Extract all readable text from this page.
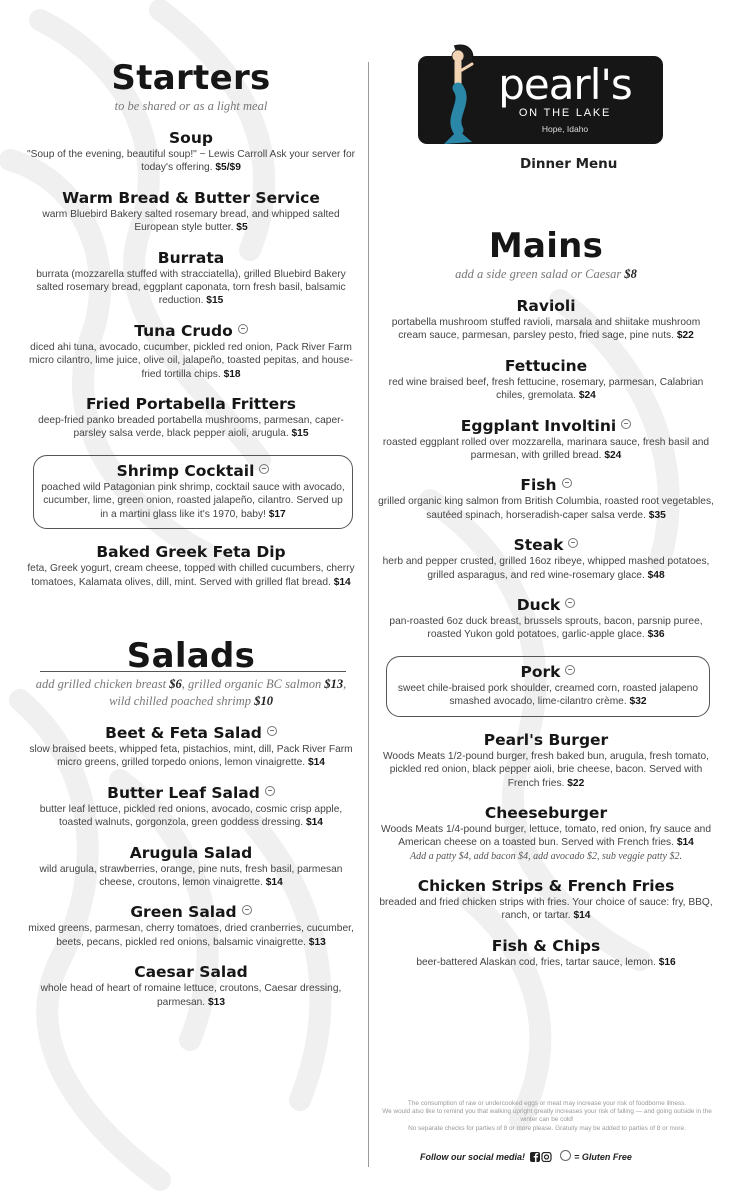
pearl's
ON THE LAKE
Hope, Idaho
Dinner Menu
Starters
to be shared or as a light meal
Soup
"Soup of the evening, beautiful soup!" ~ Lewis Carroll Ask your server for today's offering. $5/$9
Warm Bread & Butter Service
warm Bluebird Bakery salted rosemary bread, and whipped salted European style butter. $5
Burrata
burrata (mozzarella stuffed with stracciatella), grilled Bluebird Bakery salted rosemary bread, eggplant caponata, torn fresh basil, balsamic reduction. $15
Tuna Crudo
diced ahi tuna, avocado, cucumber, pickled red onion, Pack River Farm micro cilantro, lime juice, olive oil, jalapeño, toasted pepitas, and house-fried tortilla chips. $18
Fried Portabella Fritters
deep-fried panko breaded portabella mushrooms, parmesan, caper-parsley salsa verde, black pepper aioli, arugula. $15
Shrimp Cocktail
poached wild Patagonian pink shrimp, cocktail sauce with avocado, cucumber, lime, green onion, roasted jalapeño, cilantro. Served up in a martini glass like it's 1970, baby! $17
Baked Greek Feta Dip
feta, Greek yogurt, cream cheese, topped with chilled cucumbers, cherry tomatoes, Kalamata olives, dill, mint. Served with grilled flat bread. $14
Salads
add grilled chicken breast $6, grilled organic BC salmon $13, wild chilled poached shrimp $10
Beet & Feta Salad
slow braised beets, whipped feta, pistachios, mint, dill, Pack River Farm micro greens, grilled torpedo onions, lemon vinaigrette. $14
Butter Leaf Salad
butter leaf lettuce, pickled red onions, avocado, cosmic crisp apple, toasted walnuts, gorgonzola, green goddess dressing. $14
Arugula Salad
wild arugula, strawberries, orange, pine nuts, fresh basil, parmesan cheese, croutons, lemon vinaigrette. $14
Green Salad
mixed greens, parmesan, cherry tomatoes, dried cranberries, cucumber, beets, pecans, pickled red onions, balsamic vinaigrette. $13
Caesar Salad
whole head of heart of romaine lettuce, croutons, Caesar dressing, parmesan. $13
Mains
add a side green salad or Caesar $8
Ravioli
portabella mushroom stuffed ravioli, marsala and shiitake mushroom cream sauce, parmesan, parsley pesto, fried sage, pine nuts. $22
Fettucine
red wine braised beef, fresh fettucine, rosemary, parmesan, Calabrian chiles, gremolata. $24
Eggplant Involtini
roasted eggplant rolled over mozzarella, marinara sauce, fresh basil and parmesan, with grilled bread. $24
Fish
grilled organic king salmon from British Columbia, roasted root vegetables, sautéed spinach, horseradish-caper salsa verde. $35
Steak
herb and pepper crusted, grilled 16oz ribeye, whipped mashed potatoes, grilled asparagus, and red wine-rosemary glace. $48
Duck
pan-roasted 6oz duck breast, brussels sprouts, bacon, parsnip puree, roasted Yukon gold potatoes, garlic-apple glace. $36
Pork
sweet chile-braised pork shoulder, creamed corn, roasted jalapeno smashed avocado, lime-cilantro crème. $32
Pearl's Burger
Woods Meats 1/2-pound burger, fresh baked bun, arugula, fresh tomato, pickled red onion, black pepper aioli, brie cheese, bacon. Served with French fries. $22
Cheeseburger
Woods Meats 1/4-pound burger, lettuce, tomato, red onion, fry sauce and American cheese on a toasted bun. Served with French fries. $14
Add a patty $4, add bacon $4, add avocado $2, sub veggie patty $2.
Chicken Strips & French Fries
breaded and fried chicken strips with fries. Your choice of sauce: fry, BBQ, ranch, or tartar. $14
Fish & Chips
beer-battered Alaskan cod, fries, tartar sauce, lemon. $16
The consumption of raw or undercooked eggs or meat may increase your risk of foodborne illness.
We would also like to remind you that walking upright greatly increases your risk of falling — and going outside in the winter can be cold!
No separate checks for parties of 8 or more please. Gratuity may be added to parties of 8 or more.
Follow our social media!	= Gluten Free
